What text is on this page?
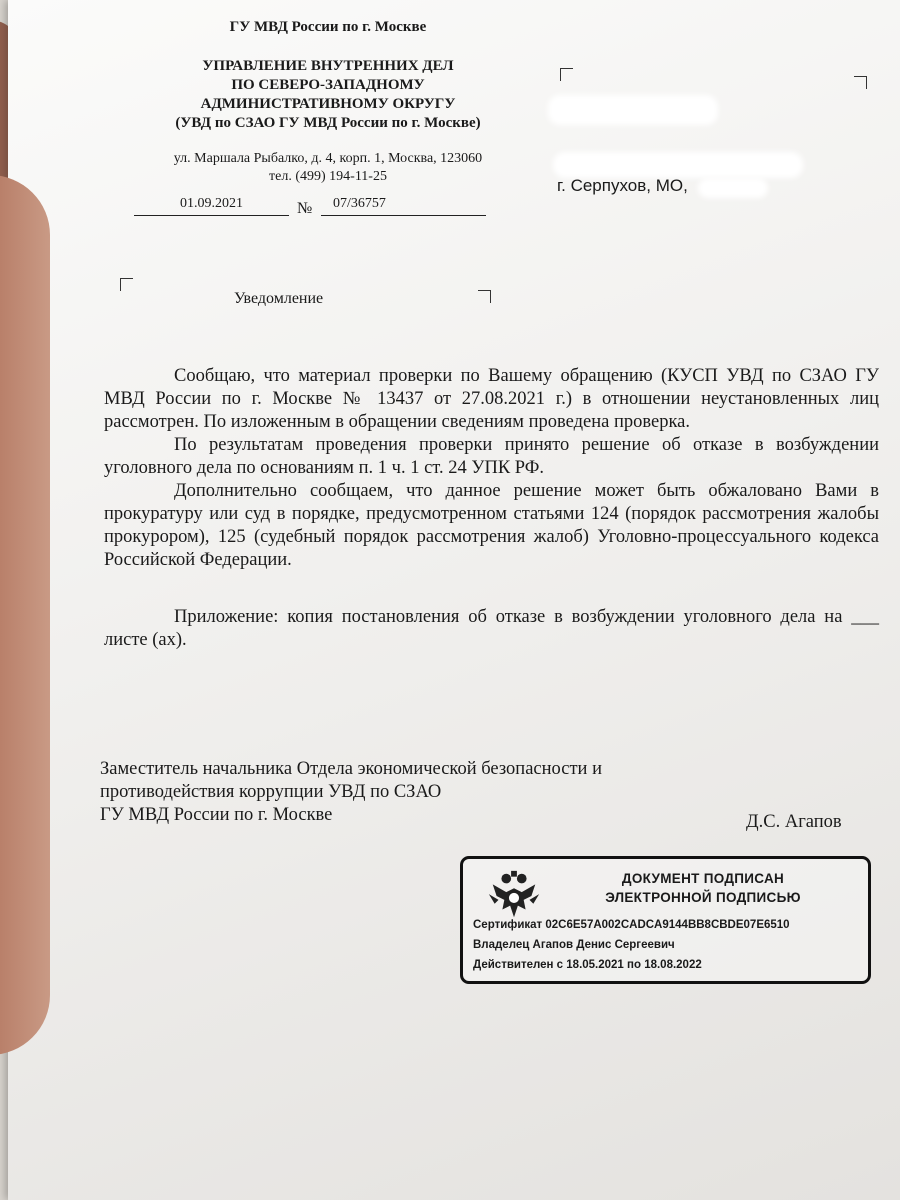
ГУ МВД России по г. Москве
УПРАВЛЕНИЕ ВНУТРЕННИХ ДЕЛ
ПО СЕВЕРО-ЗАПАДНОМУ
АДМИНИСТРАТИВНОМУ ОКРУГУ
(УВД по СЗАО ГУ МВД России по г. Москве)
ул. Маршала Рыбалко, д. 4, корп. 1, Москва, 123060
тел. (499) 194-11-25
01.09.2021	№	07/36757
г. Серпухов, МО,
Уведомление

Сообщаю, что материал проверки по Вашему обращению (КУСП УВД по СЗАО ГУ МВД России по г. Москве № 13437 от 27.08.2021 г.) в отношении неустановленных лиц рассмотрен. По изложенным в обращении сведениям проведена проверка.

По результатам проведения проверки принято решение об отказе в возбуждении уголовного дела по основаниям п. 1 ч. 1 ст. 24 УПК РФ.

Дополнительно сообщаем, что данное решение может быть обжаловано Вами в прокуратуру или суд в порядке, предусмотренном статьями 124 (порядок рассмотрения жалобы прокурором), 125 (судебный порядок рассмотрения жалоб) Уголовно-процессуального кодекса Российской Федерации.

Приложение: копия постановления об отказе в возбуждении уголовного дела на ___ листе (ах).

Заместитель начальника Отдела экономической безопасности и
противодействия коррупции УВД по СЗАО
ГУ МВД России по г. Москве	Д.С. Агапов
ДОКУМЕНТ ПОДПИСАН
ЭЛЕКТРОННОЙ ПОДПИСЬЮ
Сертификат 02C6E57A002CADCA9144BB8CBDE07E6510
Владелец Агапов Денис Сергеевич
Действителен с 18.05.2021 по 18.08.2022
